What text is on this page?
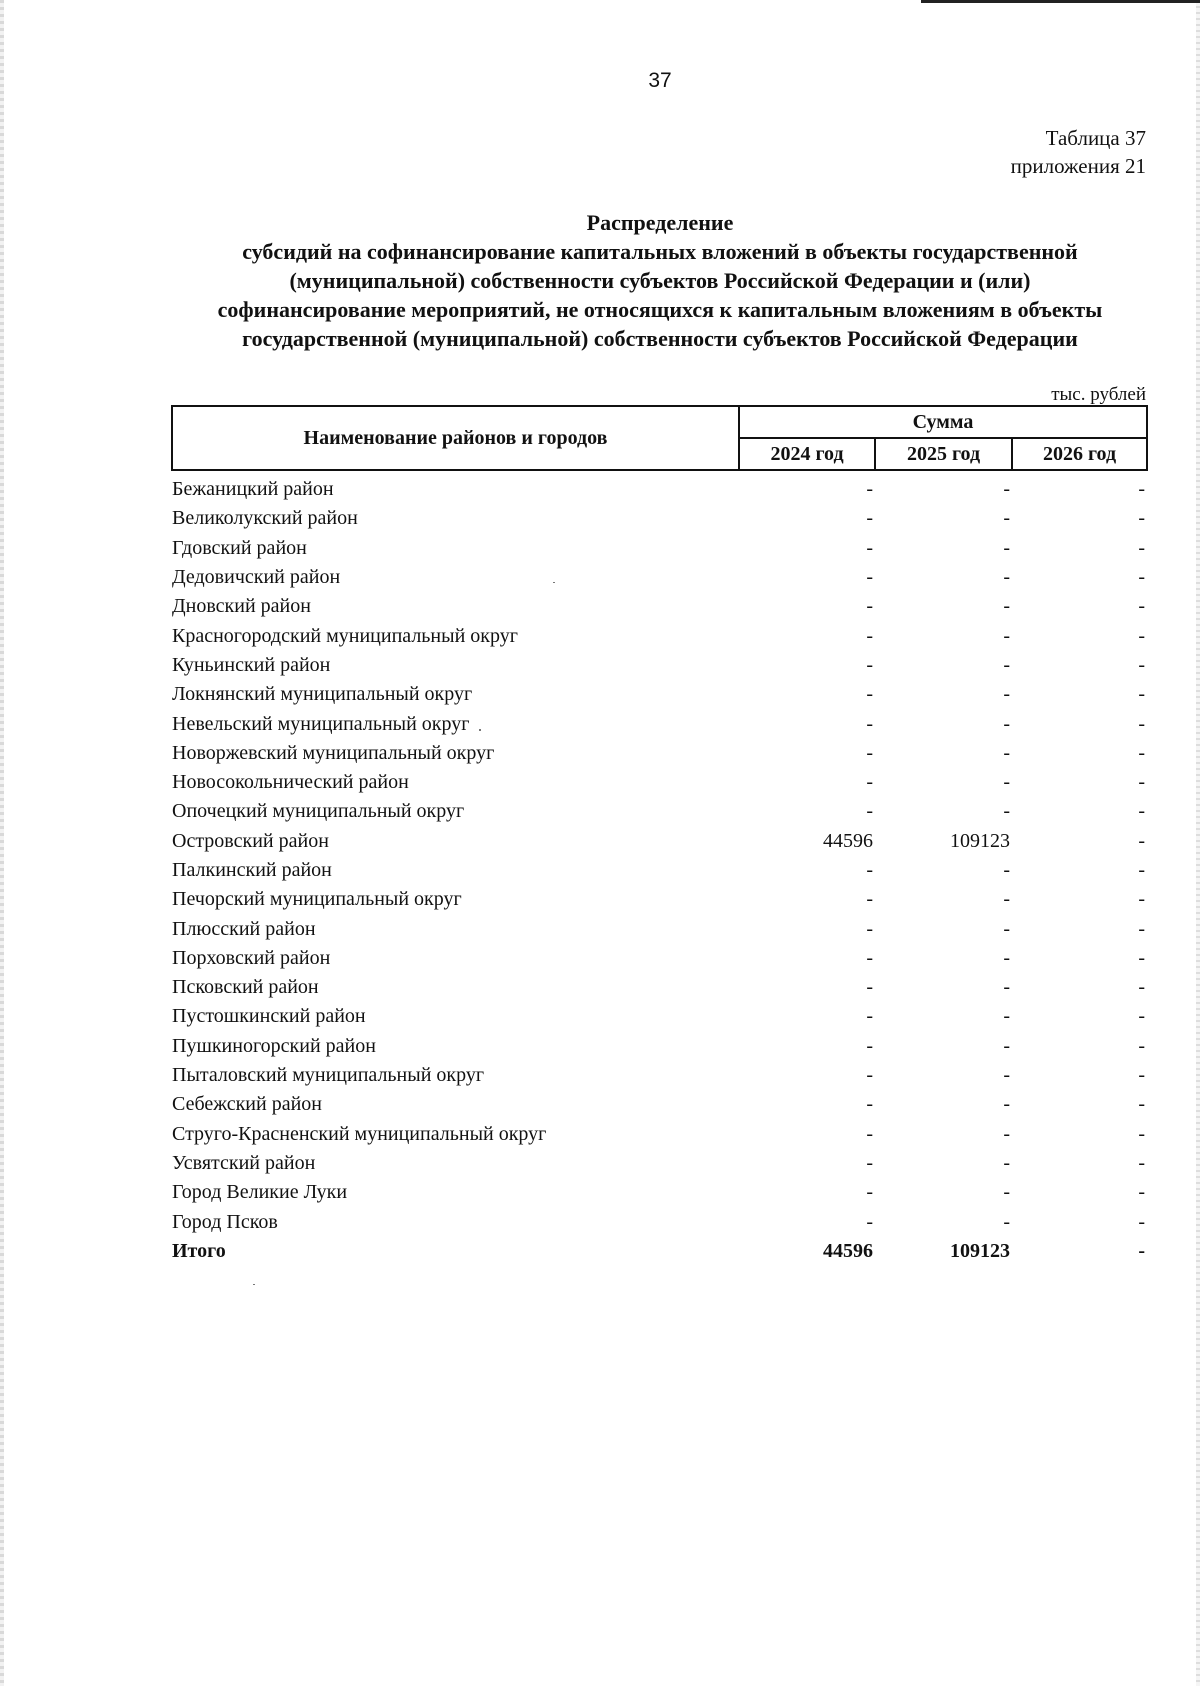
37
Таблица 37
приложения 21
Распределение
субсидий на софинансирование капитальных вложений в объекты государственной
(муниципальной) собственности субъектов Российской Федерации и (или)
софинансирование мероприятий, не относящихся к капитальным вложениям в объекты
государственной (муниципальной) собственности субъектов Российской Федерации
тыс. рублей
Наименование районов и городов	Сумма		
	2024 год	2025 год	2026 год

Бежаницкий район	-	-	-
Великолукский район	-	-	-
Гдовский район	-	-	-
Дедовичский район	-	-	-
Дновский район	-	-	-
Красногородский муниципальный округ	-	-	-
Куньинский район	-	-	-
Локнянский муниципальный округ	-	-	-
Невельский муниципальный округ	-	-	-
Новоржевский муниципальный округ	-	-	-
Новосокольнический район	-	-	-
Опочецкий муниципальный округ	-	-	-
Островский район	44596	109123	-
Палкинский район	-	-	-
Печорский муниципальный округ	-	-	-
Плюсский район	-	-	-
Порховский район	-	-	-
Псковский район	-	-	-
Пустошкинский район	-	-	-
Пушкиногорский район	-	-	-
Пыталовский муниципальный округ	-	-	-
Себежский район	-	-	-
Струго-Красненский муниципальный округ	-	-	-
Усвятский район	-	-	-
Город Великие Луки	-	-	-
Город Псков	-	-	-
Итого	44596	109123	-
